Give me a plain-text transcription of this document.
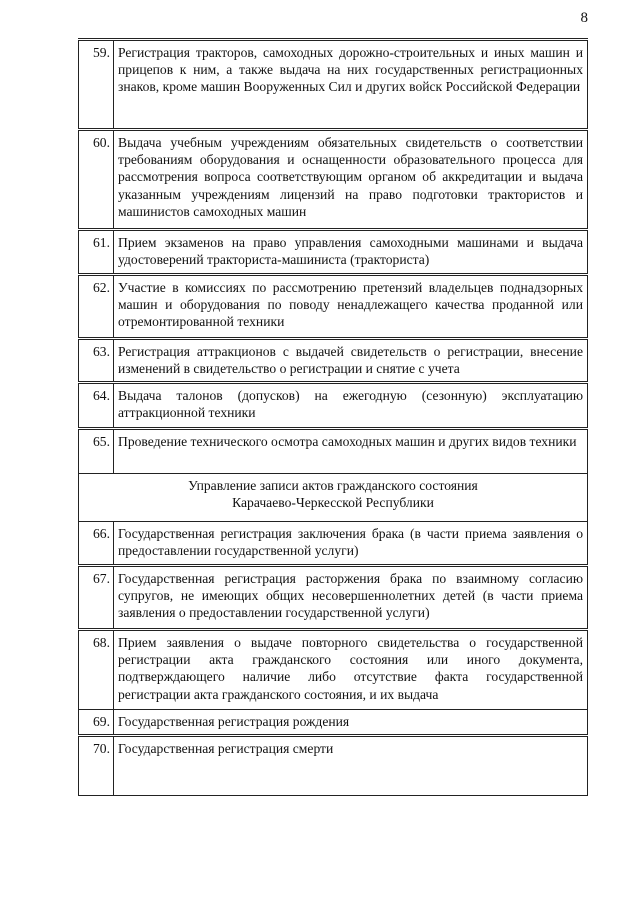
8
59.	Регистрация тракторов, самоходных дорожно-строительных и иных машин и прицепов к ним, а также выдача на них государственных регистрационных знаков, кроме машин Вооруженных Сил и других войск Российской Федерации
60.	Выдача учебным учреждениям обязательных свидетельств о соответствии требованиям оборудования и оснащенности образовательного процесса для рассмотрения вопроса соответствующим органом об аккредитации и выдача указанным учреждениям лицензий на право подготовки трактористов и машинистов самоходных машин
61.	Прием экзаменов на право управления самоходными машинами и выдача удостоверений тракториста-машиниста (тракториста)
62.	Участие в комиссиях по рассмотрению претензий владельцев поднадзорных машин и оборудования по поводу ненадлежащего качества проданной или отремонтированной техники
63.	Регистрация аттракционов с выдачей свидетельств о регистрации, внесение изменений в свидетельство о регистрации и снятие с учета
64.	Выдача талонов (допусков) на ежегодную (сезонную) эксплуатацию аттракционной техники
65.	Проведение технического осмотра самоходных машин и других видов техники

Управление записи актов гражданского состояния
Карачаево-Черкесской Республики	

66.	Государственная регистрация заключения брака (в части приема заявления о предоставлении государственной услуги)
67.	Государственная регистрация расторжения брака по взаимному согласию супругов, не имеющих общих несовершеннолетних детей (в части приема заявления о предоставлении государственной услуги)
68.	Прием заявления о выдаче повторного свидетельства о государственной регистрации акта гражданского состояния или иного документа, подтверждающего наличие либо отсутствие факта государственной регистрации акта гражданского состояния, и их выдача
69.	Государственная регистрация рождения
70.	Государственная регистрация смерти
